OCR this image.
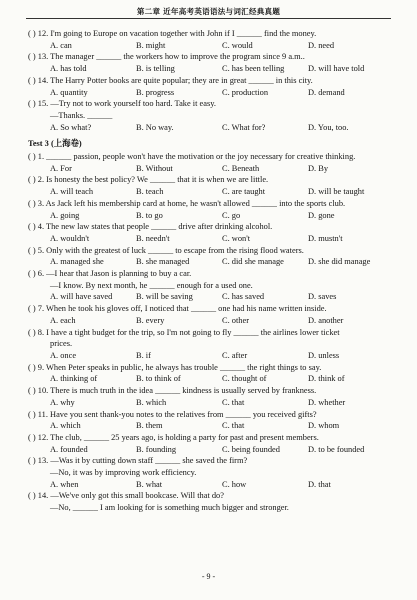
第二章 近年高考英语语法与词汇经典真题
( ) 12. I'm going to Europe on vacation together with John if I ______ find the money.
A. can	B. might	C. would	D. need
( ) 13. The manager ______ the workers how to improve the program since 9 a.m..
A. has told	B. is telling	C. has been telling	D. will have told
( ) 14. The Harry Potter books are quite popular; they are in great ______ in this city.
A. quantity	B. progress	C. production	D. demand
( ) 15. —Try not to work yourself too hard. Take it easy.
—Thanks. ______
A. So what?	B. No way.	C. What for?	D. You, too.
Test 3 (上海卷)
( ) 1. ______ passion, people won't have the motivation or the joy necessary for creative thinking.
A. For	B. Without	C. Beneath	D. By
( ) 2. Is honesty the best policy? We ______ that it is when we are little.
A. will teach	B. teach	C. are taught	D. will be taught
( ) 3. As Jack left his membership card at home, he wasn't allowed ______ into the sports club.
A. going	B. to go	C. go	D. gone
( ) 4. The new law states that people ______ drive after drinking alcohol.
A. wouldn't	B. needn't	C. won't	D. mustn't
( ) 5. Only with the greatest of luck ______ to escape from the rising flood waters.
A. managed she	B. she managed	C. did she manage	D. she did manage
( ) 6. —I hear that Jason is planning to buy a car.
—I know. By next month, he ______ enough for a used one.
A. will have saved	B. will be saving	C. has saved	D. saves
( ) 7. When he took his gloves off, I noticed that ______ one had his name written inside.
A. each	B. every	C. other	D. another
( ) 8. I have a tight budget for the trip, so I'm not going to fly ______ the airlines lower ticket
prices.
A. once	B. if	C. after	D. unless
( ) 9. When Peter speaks in public, he always has trouble ______ the right things to say.
A. thinking of	B. to think of	C. thought of	D. think of
( ) 10. There is much truth in the idea ______ kindness is usually served by frankness.
A. why	B. which	C. that	D. whether
( ) 11. Have you sent thank-you notes to the relatives from ______ you received gifts?
A. which	B. them	C. that	D. whom
( ) 12. The club, ______ 25 years ago, is holding a party for past and present members.
A. founded	B. founding	C. being founded	D. to be founded
( ) 13. —Was it by cutting down staff ______ she saved the firm?
—No, it was by improving work efficiency.
A. when	B. what	C. how	D. that
( ) 14. —We've only got this small bookcase. Will that do?
—No, ______ I am looking for is something much bigger and stronger.
- 9 -
